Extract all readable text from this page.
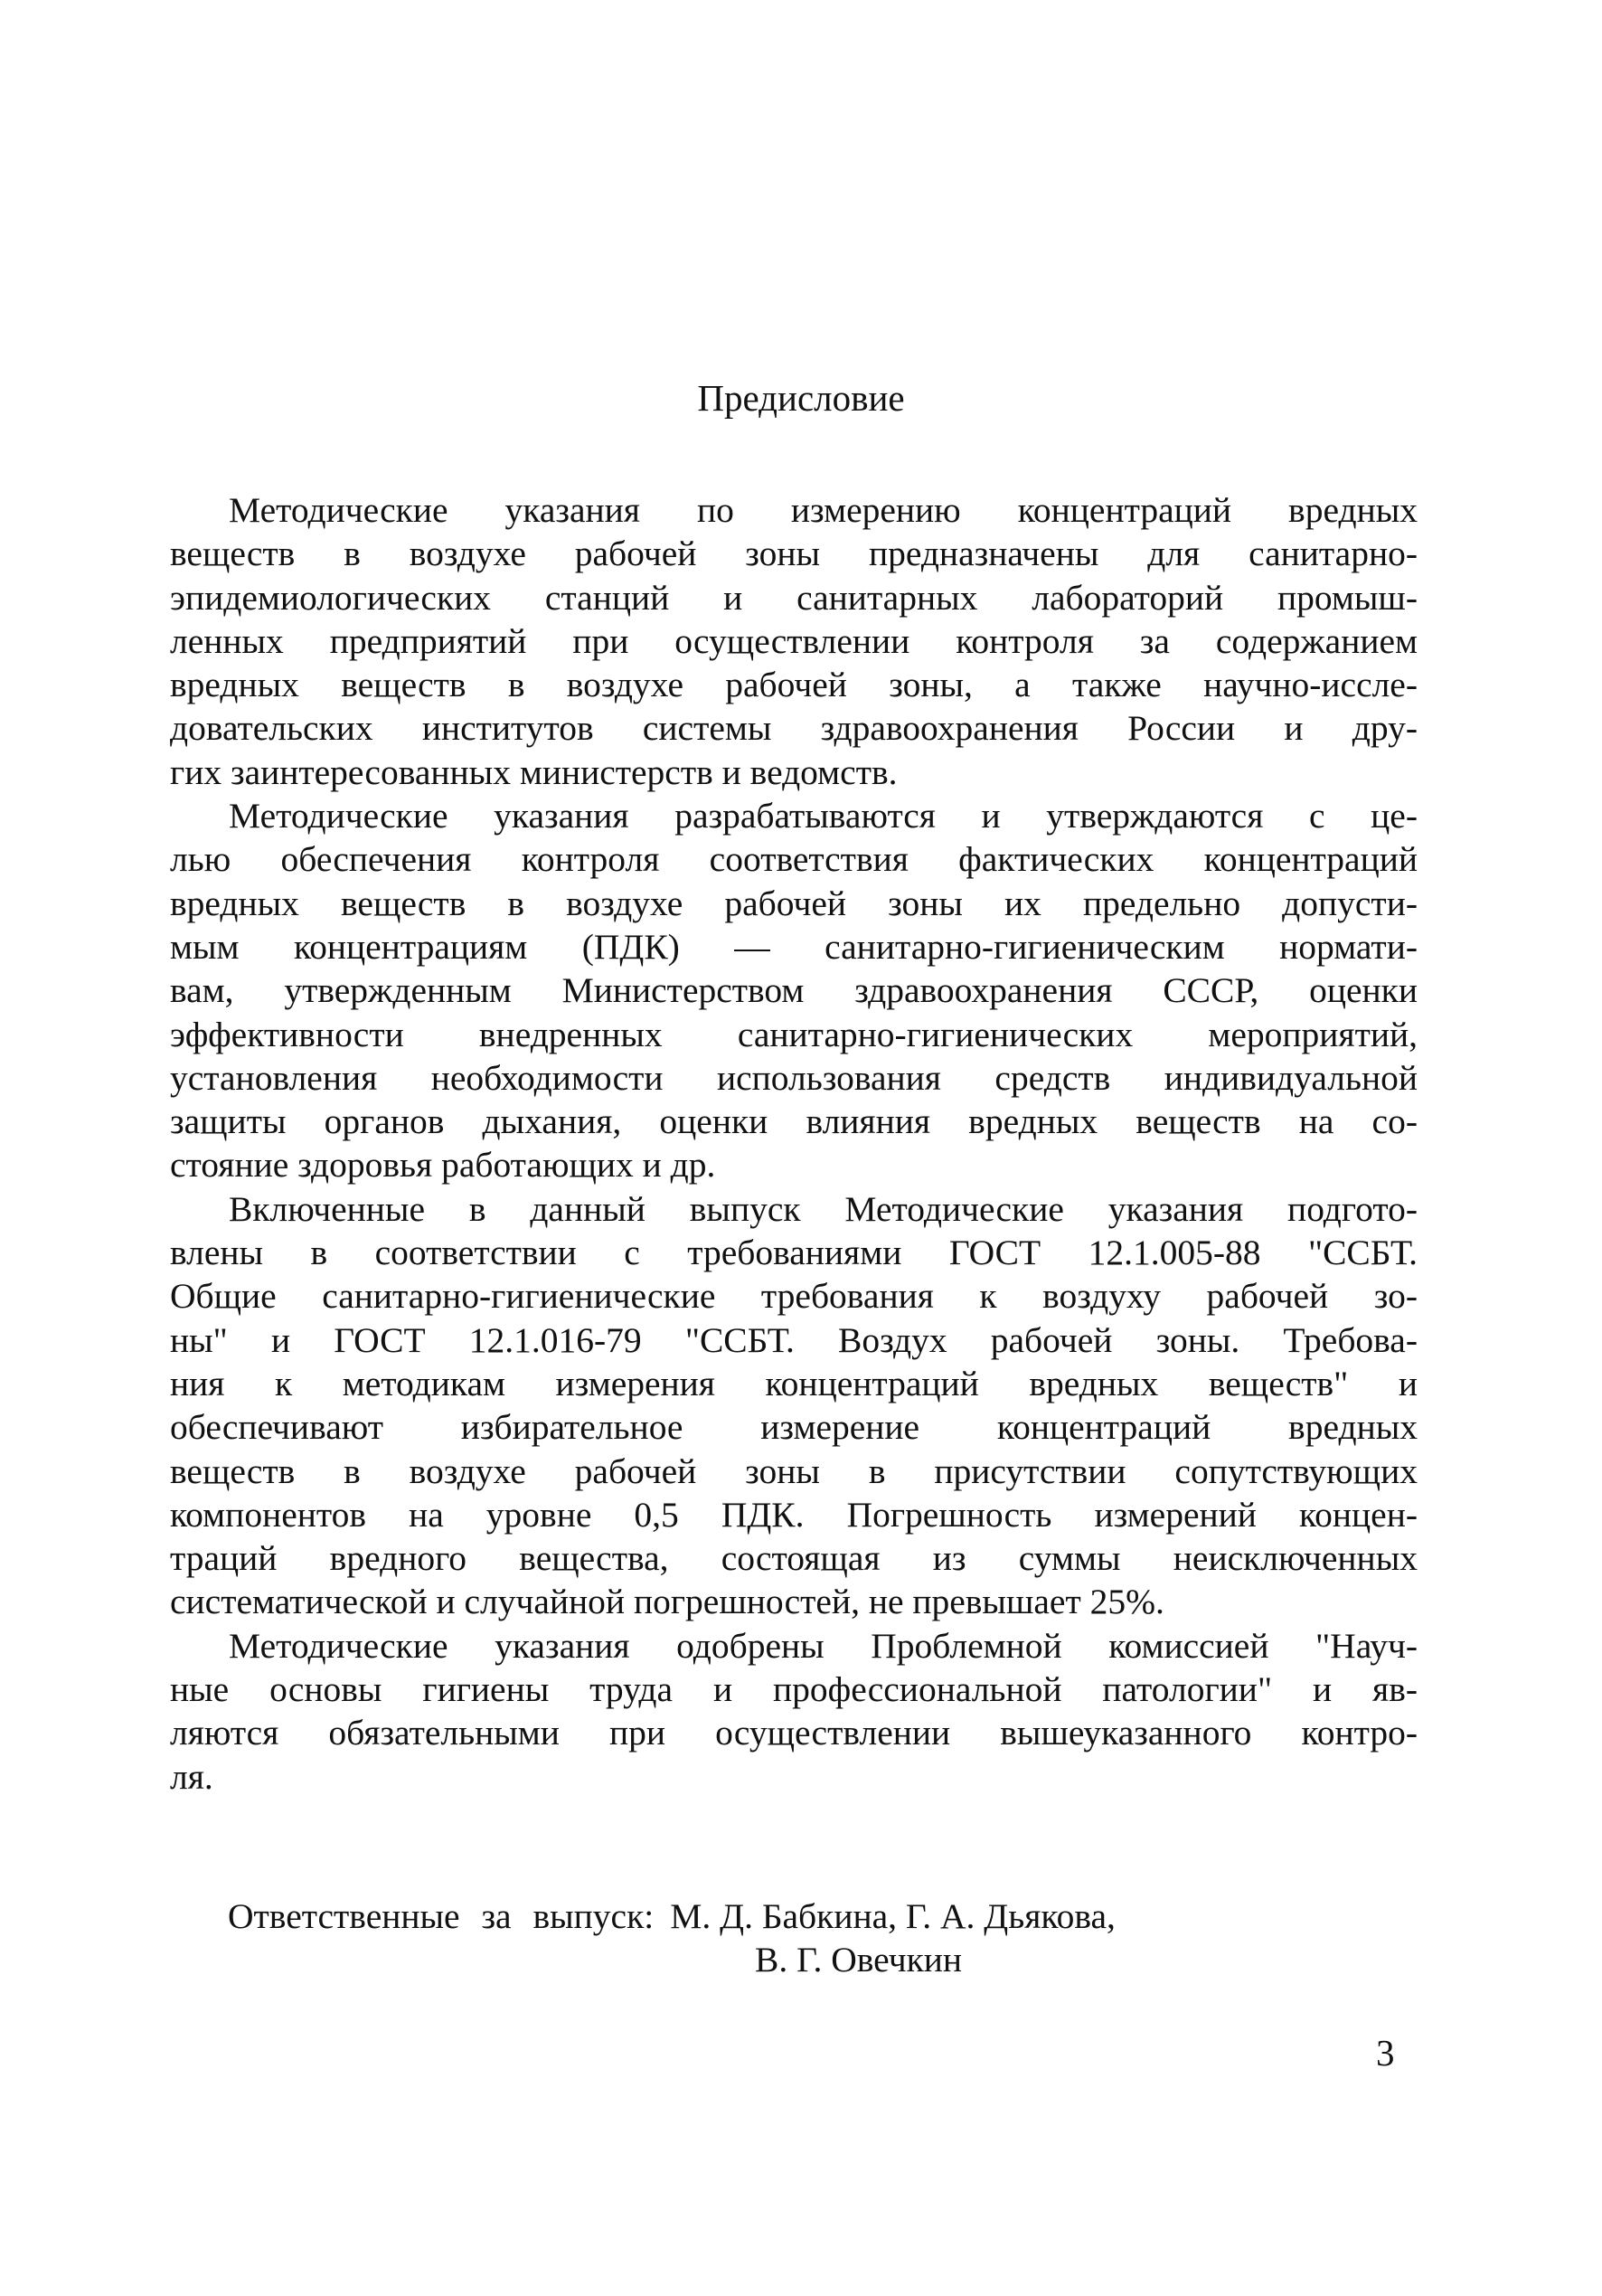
Предисловие
Методические указания по измерению концентраций вредных
веществ в воздухе рабочей зоны предназначены для санитарно-
эпидемиологических станций и санитарных лабораторий промыш-
ленных предприятий при осуществлении контроля за содержанием
вредных веществ в воздухе рабочей зоны, а также научно-иссле-
довательских институтов системы здравоохранения России и дру-
гих заинтересованных министерств и ведомств.
Методические указания разрабатываются и утверждаются с це-
лью обеспечения контроля соответствия фактических концентраций
вредных веществ в воздухе рабочей зоны их предельно допусти-
мым концентрациям (ПДК) — санитарно-гигиеническим нормати-
вам, утвержденным Министерством здравоохранения СССР, оценки
эффективности внедренных санитарно-гигиенических мероприятий,
установления необходимости использования средств индивидуальной
защиты органов дыхания, оценки влияния вредных веществ на со-
стояние здоровья работающих и др.
Включенные в данный выпуск Методические указания подгото-
влены в соответствии с требованиями ГОСТ 12.1.005-88 "ССБТ.
Общие санитарно-гигиенические требования к воздуху рабочей зо-
ны" и ГОСТ 12.1.016-79 "ССБТ. Воздух рабочей зоны. Требова-
ния к методикам измерения концентраций вредных веществ" и
обеспечивают избирательное измерение концентраций вредных
веществ в воздухе рабочей зоны в присутствии сопутствующих
компонентов на уровне 0,5 ПДК. Погрешность измерений концен-
траций вредного вещества, состоящая из суммы неисключенных
систематической и случайной погрешностей, не превышает 25%.
Методические указания одобрены Проблемной комиссией "Науч-
ные основы гигиены труда и профессиональной патологии" и яв-
ляются обязательными при осуществлении вышеуказанного контро-
ля.
Ответственные за выпуск: М. Д. Бабкина, Г. А. Дьякова,
В. Г. Овечкин
3
